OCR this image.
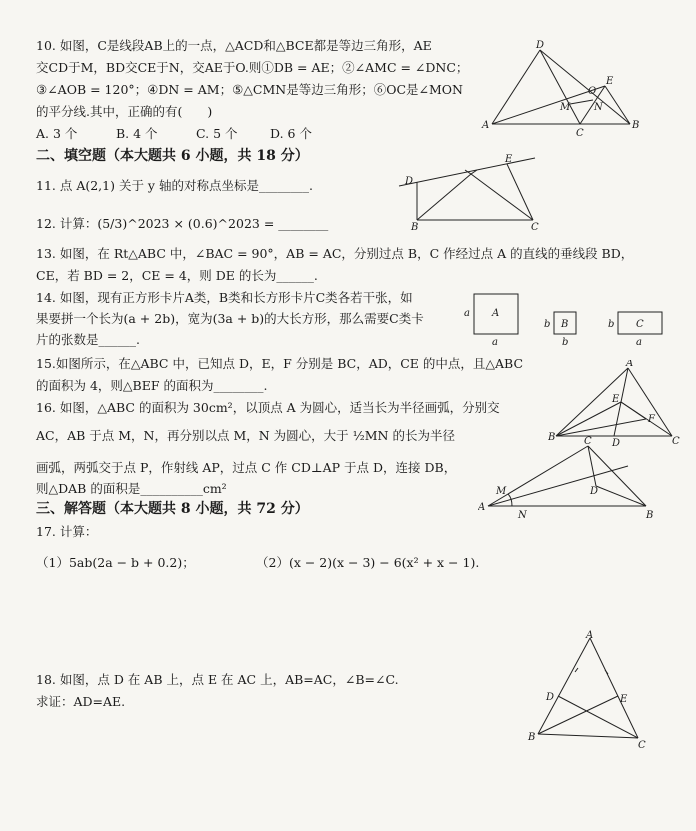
10. 如图，C是线段AB上的一点，△ACD和△BCE都是等边三角形，AE
交CD于M，BD交CE于N，交AE于O.则①DB = AE；②∠AMC = ∠DNC；
③∠AOB = 120°；④DN = AM；⑤△CMN是等边三角形；⑥OC是∠MON
的平分线.其中，正确的有(　　)
A. 3 个	B. 4 个	C. 5 个	D. 6 个
A	B
C
D
E
M N
O
二、填空题（本大题共 6 小题，共 18 分）
11. 点 A(2,1) 关于 y 轴的对称点坐标是________.	D
E
B	C
12. 计算：(5/3)^2023 × (0.6)^2023 = ________
13. 如图，在 Rt△ABC 中，∠BAC = 90°，AB = AC，分别过点 B，C 作经过点 A 的直线的垂线段 BD，
CE，若 BD = 2，CE = 4，则 DE 的长为______.
14. 如图，现有正方形卡片A类，B类和长方形卡片C类各若干张，如
果要拼一个长为(a + 2b)，宽为(3a + b)的大长方形，那么需要C类卡
片的张数是______.
A
a
a
B
b
b
C
b
a
15.如图所示，在△ABC 中，已知点 D，E，F 分别是 BC，AD，CE 的中点，且△ABC
的面积为 4，则△BEF 的面积为________.
A
B	C
D
E
F
16. 如图，△ABC 的面积为 30cm²，以顶点 A 为圆心，适当长为半径画弧，分别交
AC，AB 于点 M，N，再分别以点 M，N 为圆心，大于 ½MN 的长为半径
画弧，两弧交于点 P，作射线 AP，过点 C 作 CD⊥AP 于点 D，连接 DB，
则△DAB 的面积是__________cm²
C
A
B
D
M
N
三、解答题（本大题共 8 小题，共 72 分）
17. 计算：
（1）5ab(2a − b + 0.2)；	（2）(x − 2)(x − 3) − 6(x² + x − 1).
18. 如图，点 D 在 AB 上，点 E 在 AC 上，AB=AC，∠B=∠C.
求证：AD=AE.
A
B
C
D	E
